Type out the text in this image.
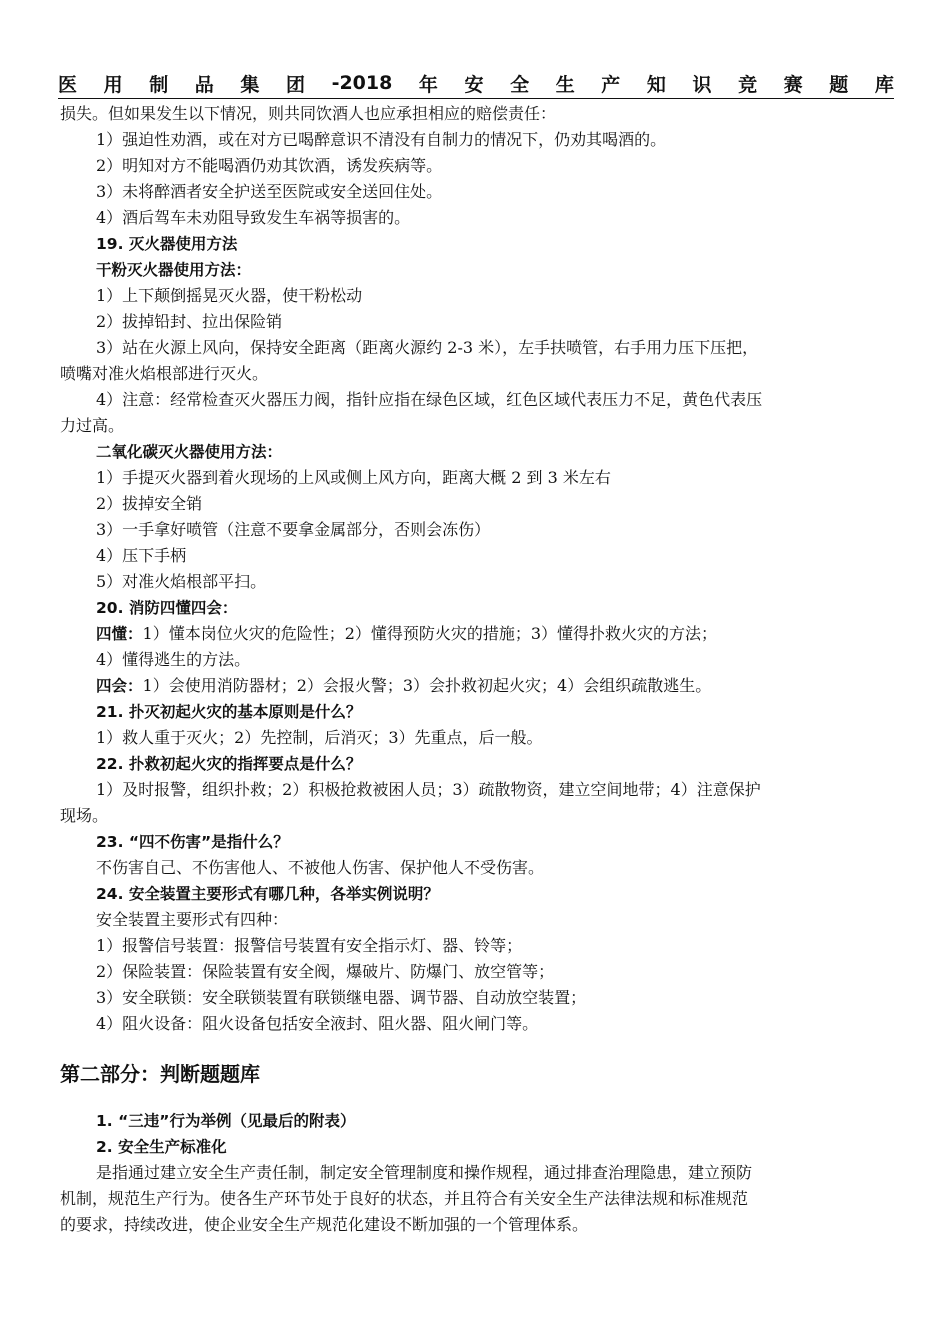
医 用 制 品 集 团 -2018 年 安 全 生 产 知 识 竞 赛 题 库
损失。但如果发生以下情况，则共同饮酒人也应承担相应的赔偿责任：
1）强迫性劝酒，或在对方已喝醉意识不清没有自制力的情况下，仍劝其喝酒的。
2）明知对方不能喝酒仍劝其饮酒，诱发疾病等。
3）未将醉酒者安全护送至医院或安全送回住处。
4）酒后驾车未劝阻导致发生车祸等损害的。
19. 灭火器使用方法
干粉灭火器使用方法：
1）上下颠倒摇晃灭火器，使干粉松动
2）拔掉铅封、拉出保险销
3）站在火源上风向，保持安全距离（距离火源约 2-3 米），左手扶喷管，右手用力压下压把，
喷嘴对准火焰根部进行灭火。
4）注意：经常检查灭火器压力阀，指针应指在绿色区域，红色区域代表压力不足，黄色代表压
力过高。
二氧化碳灭火器使用方法：
1）手提灭火器到着火现场的上风或侧上风方向，距离大概 2 到 3 米左右
2）拔掉安全销
3）一手拿好喷管（注意不要拿金属部分，否则会冻伤）
4）压下手柄
5）对准火焰根部平扫。
20. 消防四懂四会：
四懂：1）懂本岗位火灾的危险性；2）懂得预防火灾的措施；3）懂得扑救火灾的方法；
4）懂得逃生的方法。
四会：1）会使用消防器材；2）会报火警；3）会扑救初起火灾；4）会组织疏散逃生。
21. 扑灭初起火灾的基本原则是什么？
1）救人重于灭火；2）先控制，后消灭；3）先重点，后一般。
22. 扑救初起火灾的指挥要点是什么？
1）及时报警，组织扑救；2）积极抢救被困人员；3）疏散物资，建立空间地带；4）注意保护
现场。
23. “四不伤害”是指什么？
不伤害自己、不伤害他人、不被他人伤害、保护他人不受伤害。
24. 安全装置主要形式有哪几种，各举实例说明？
安全装置主要形式有四种：
1）报警信号装置：报警信号装置有安全指示灯、器、铃等；
2）保险装置：保险装置有安全阀，爆破片、防爆门、放空管等；
3）安全联锁：安全联锁装置有联锁继电器、调节器、自动放空装置；
4）阻火设备：阻火设备包括安全液封、阻火器、阻火闸门等。
第二部分：判断题题库
1. “三违”行为举例（见最后的附表）
2. 安全生产标准化
是指通过建立安全生产责任制，制定安全管理制度和操作规程，通过排查治理隐患，建立预防
机制，规范生产行为。使各生产环节处于良好的状态，并且符合有关安全生产法律法规和标准规范
的要求，持续改进，使企业安全生产规范化建设不断加强的一个管理体系。
